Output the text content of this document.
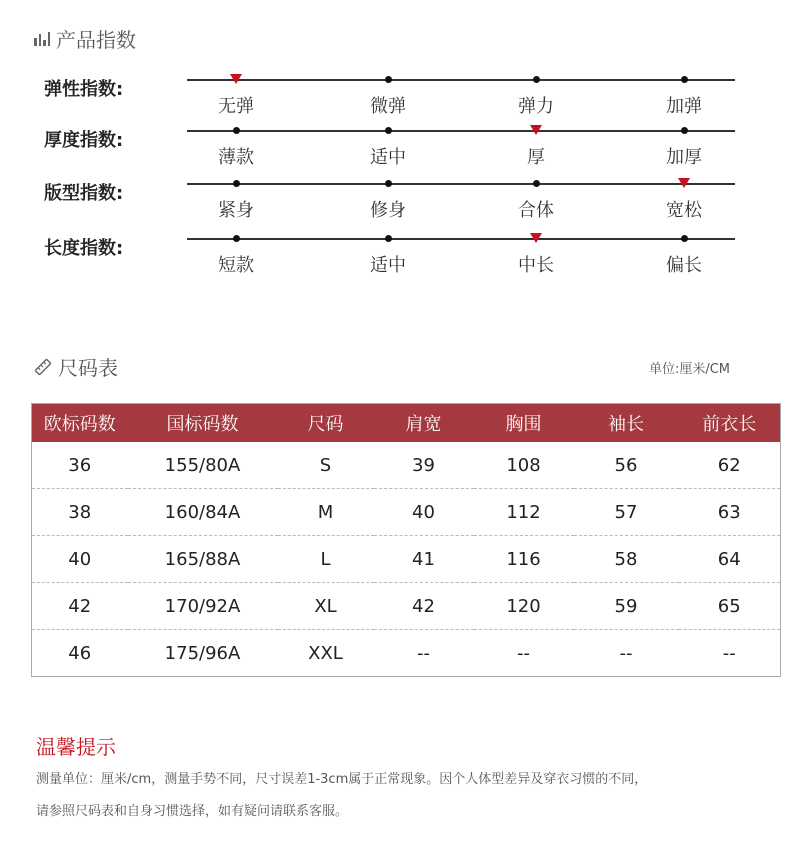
产品指数
弹性指数:
无弹	微弹	弹力	加弹
厚度指数:
薄款	适中	厚	加厚
版型指数:
紧身	修身	合体	宽松
长度指数:
短款	适中	中长	偏长
尺码表	单位:厘米/CM
欧标码数	国标码数	尺码	肩宽	胸围	袖长	前衣长
36	155/80A	S	39	108	56	62
38	160/84A	M	40	112	57	63
40	165/88A	L	41	116	58	64
42	170/92A	XL	42	120	59	65
46	175/96A	XXL	--	--	--	--
温馨提示
测量单位：厘米/cm，测量手势不同，尺寸误差1-3cm属于正常现象。因个人体型差异及穿衣习惯的不同，
请参照尺码表和自身习惯选择，如有疑问请联系客服。
